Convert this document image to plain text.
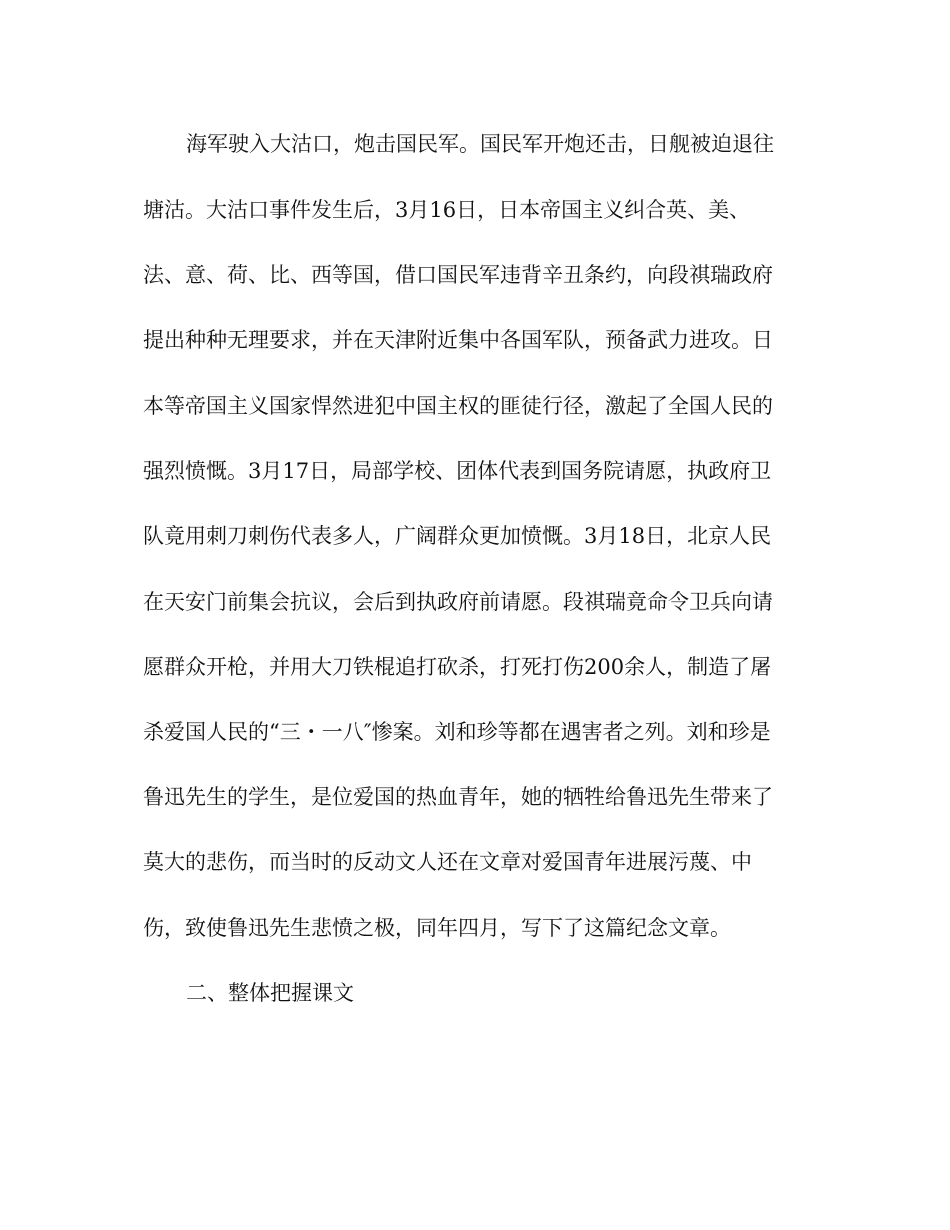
海军驶入大沽口，炮击国民军。国民军开炮还击，日舰被迫退往
塘沽。大沽口事件发生后，3月16日，日本帝国主义纠合英、美、
法、意、荷、比、西等国，借口国民军违背辛丑条约，向段祺瑞政府
提出种种无理要求，并在天津附近集中各国军队，预备武力进攻。日
本等帝国主义国家悍然进犯中国主权的匪徒行径，激起了全国人民的
强烈愤慨。3月17日，局部学校、团体代表到国务院请愿，执政府卫
队竟用刺刀刺伤代表多人，广阔群众更加愤慨。3月18日，北京人民
在天安门前集会抗议，会后到执政府前请愿。段祺瑞竟命令卫兵向请
愿群众开枪，并用大刀铁棍追打砍杀，打死打伤200余人，制造了屠
杀爱国人民的“三・一八″惨案。刘和珍等都在遇害者之列。刘和珍是
鲁迅先生的学生，是位爱国的热血青年，她的牺牲给鲁迅先生带来了
莫大的悲伤，而当时的反动文人还在文章对爱国青年进展污蔑、中
伤，致使鲁迅先生悲愤之极，同年四月，写下了这篇纪念文章。
二、整体把握课文
